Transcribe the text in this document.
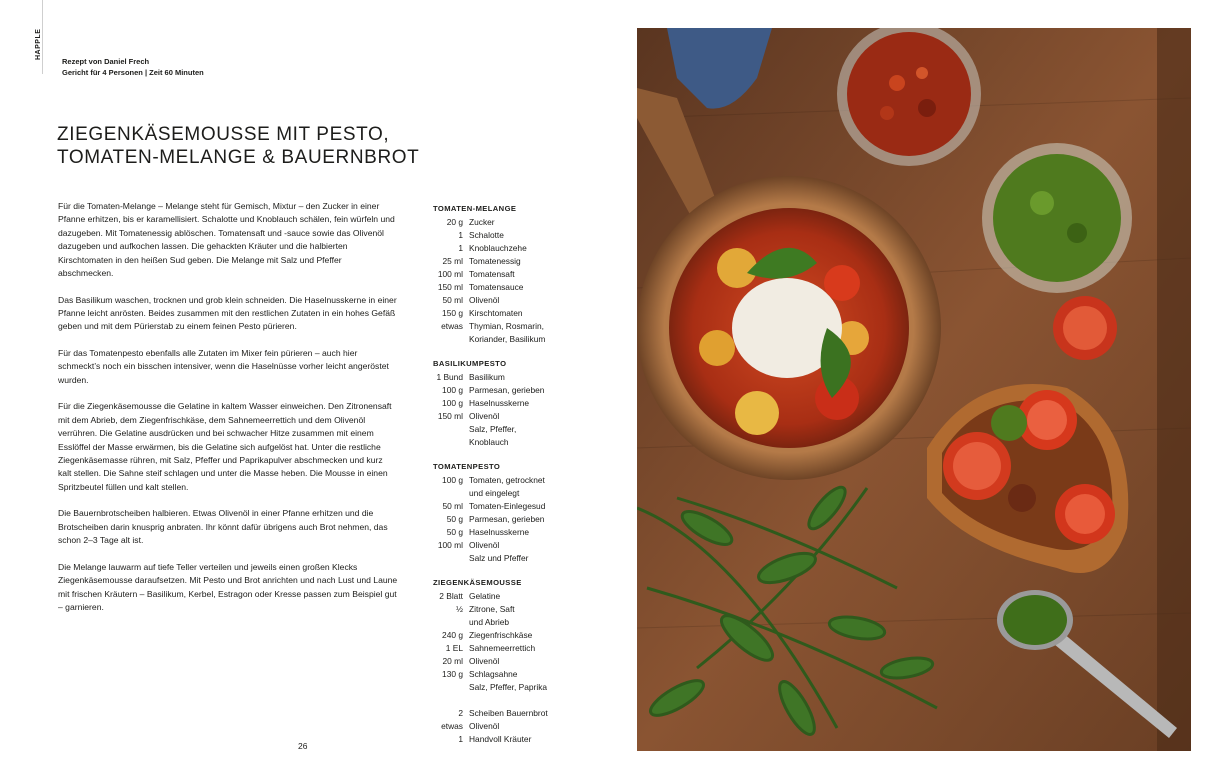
HAPPLE
Rezept von Daniel Frech
Gericht für 4 Personen | Zeit 60 Minuten
ZIEGENKÄSEMOUSSE MIT PESTO,
TOMATEN-MELANGE & BAUERNBROT

Für die Tomaten-Melange – Melange steht für Gemisch, Mixtur – den Zucker in einer Pfanne erhitzen, bis er karamellisiert. Schalotte und Knoblauch schälen, fein würfeln und dazugeben. Mit Tomatenessig ablöschen. Tomatensaft und -sauce sowie das Olivenöl dazugeben und aufkochen lassen. Die gehackten Kräuter und die halbierten Kirschtomaten in den heißen Sud geben. Die Melange mit Salz und Pfeffer abschmecken.

Das Basilikum waschen, trocknen und grob klein schneiden. Die Haselnusskerne in einer Pfanne leicht anrösten. Beides zusammen mit den restlichen Zutaten in ein hohes Gefäß geben und mit dem Pürierstab zu einem feinen Pesto pürieren.

Für das Tomatenpesto ebenfalls alle Zutaten im Mixer fein pürieren – auch hier schmeckt’s noch ein bisschen intensiver, wenn die Haselnüsse vorher leicht angeröstet wurden.

Für die Ziegenkäsemousse die Gelatine in kaltem Wasser einweichen. Den Zitronensaft mit dem Abrieb, dem Ziegenfrischkäse, dem Sahnemeerrettich und dem Olivenöl verrühren. Die Gelatine ausdrücken und bei schwacher Hitze zusammen mit einem Esslöffel der Masse erwärmen, bis die Gelatine sich aufgelöst hat. Unter die restliche Ziegenkäsemasse rühren, mit Salz, Pfeffer und Paprikapulver abschmecken und kurz kalt stellen. Die Sahne steif schlagen und unter die Masse heben. Die Mousse in einen Spritzbeutel füllen und kalt stellen.

Die Bauernbrotscheiben halbieren. Etwas Olivenöl in einer Pfanne erhitzen und die Brotscheiben darin knusprig anbraten. Ihr könnt dafür übrigens auch Brot nehmen, das schon 2–3 Tage alt ist.

Die Melange lauwarm auf tiefe Teller verteilen und jeweils einen großen Klecks Ziegenkäsemousse daraufsetzen. Mit Pesto und Brot anrichten und nach Lust und Laune mit frischen Kräutern – Basilikum, Kerbel, Estragon oder Kresse passen zum Beispiel gut – garnieren.

TOMATEN-MELANGE
20 g Zucker
1 Schalotte
1 Knoblauchzehe
25 ml Tomatenessig
100 ml Tomatensaft
150 ml Tomatensauce
50 ml Olivenöl
150 g Kirschtomaten
etwas Thymian, Rosmarin,
Koriander, Basilikum
BASILIKUMPESTO
1 Bund Basilikum
100 g Parmesan, gerieben
100 g Haselnusskerne
150 ml Olivenöl
Salz, Pfeffer,
Knoblauch
TOMATENPESTO
100 g Tomaten, getrocknet
und eingelegt
50 ml Tomaten-Einlegesud
50 g Parmesan, gerieben
50 g Haselnusskerne
100 ml Olivenöl
Salz und Pfeffer
ZIEGENKÄSEMOUSSE
2 Blatt Gelatine
½ Zitrone, Saft
und Abrieb
240 g Ziegenfrischkäse
1 EL Sahnemeerrettich
20 ml Olivenöl
130 g Schlagsahne
Salz, Pfeffer, Paprika
2 Scheiben Bauernbrot
etwas Olivenöl
1 Handvoll Kräuter
26
